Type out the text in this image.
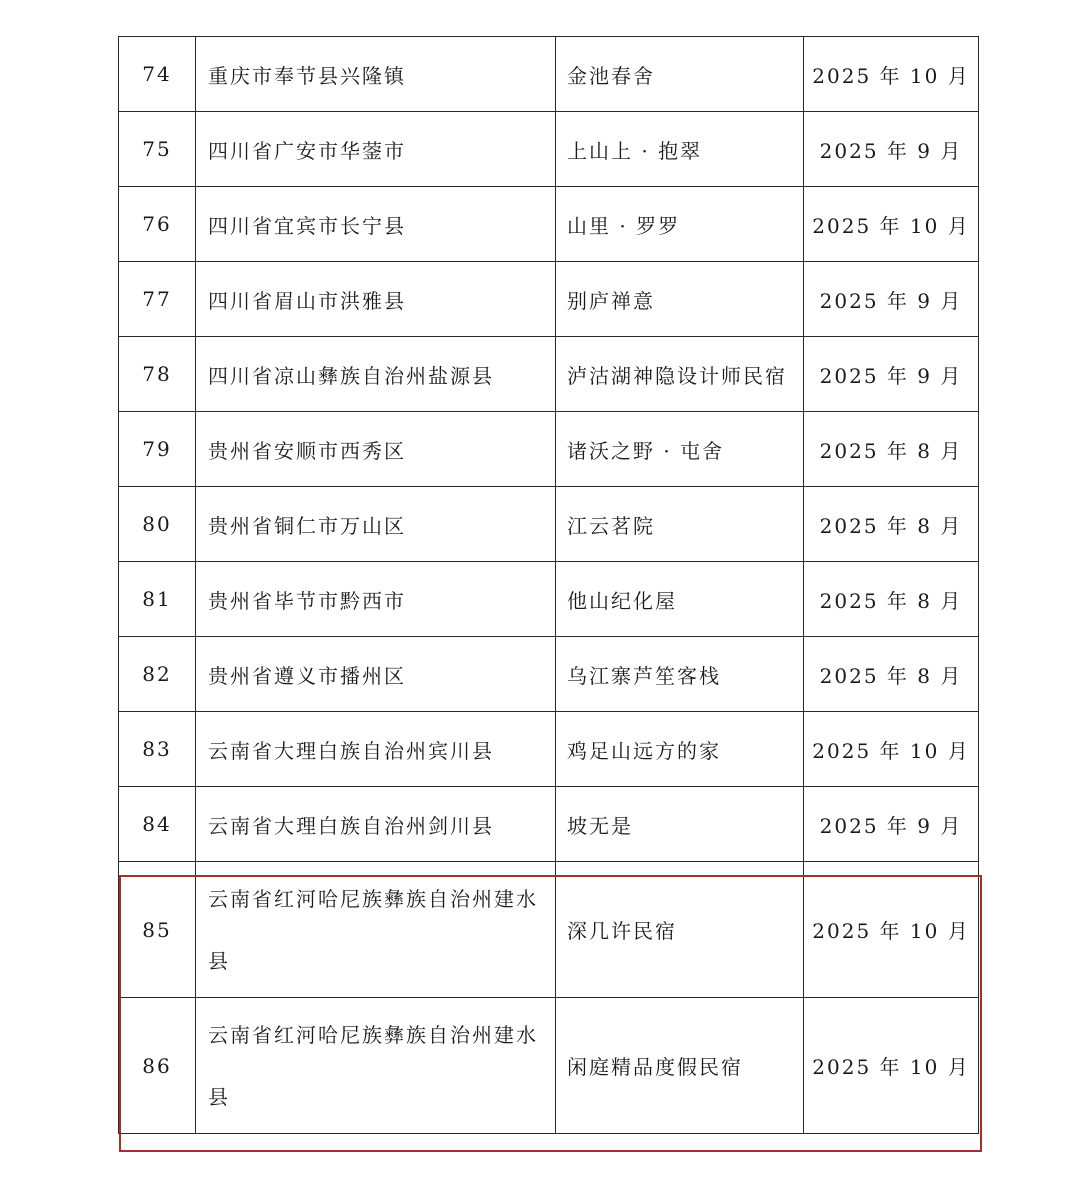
74	重庆市奉节县兴隆镇	金池春舍	2025 年 10 月
75	四川省广安市华蓥市	上山上 · 抱翠	2025 年 9 月
76	四川省宜宾市长宁县	山里 · 罗罗	2025 年 10 月
77	四川省眉山市洪雅县	别庐禅意	2025 年 9 月
78	四川省凉山彝族自治州盐源县	泸沽湖神隐设计师民宿	2025 年 9 月
79	贵州省安顺市西秀区	诸沃之野 · 屯舍	2025 年 8 月
80	贵州省铜仁市万山区	江云茗院	2025 年 8 月
81	贵州省毕节市黔西市	他山纪化屋	2025 年 8 月
82	贵州省遵义市播州区	乌江寨芦笙客栈	2025 年 8 月
83	云南省大理白族自治州宾川县	鸡足山远方的家	2025 年 10 月
84	云南省大理白族自治州剑川县	坡无是	2025 年 9 月
85	云南省红河哈尼族彝族自治州建水县	深几许民宿	2025 年 10 月
86	云南省红河哈尼族彝族自治州建水县	闲庭精品度假民宿	2025 年 10 月
